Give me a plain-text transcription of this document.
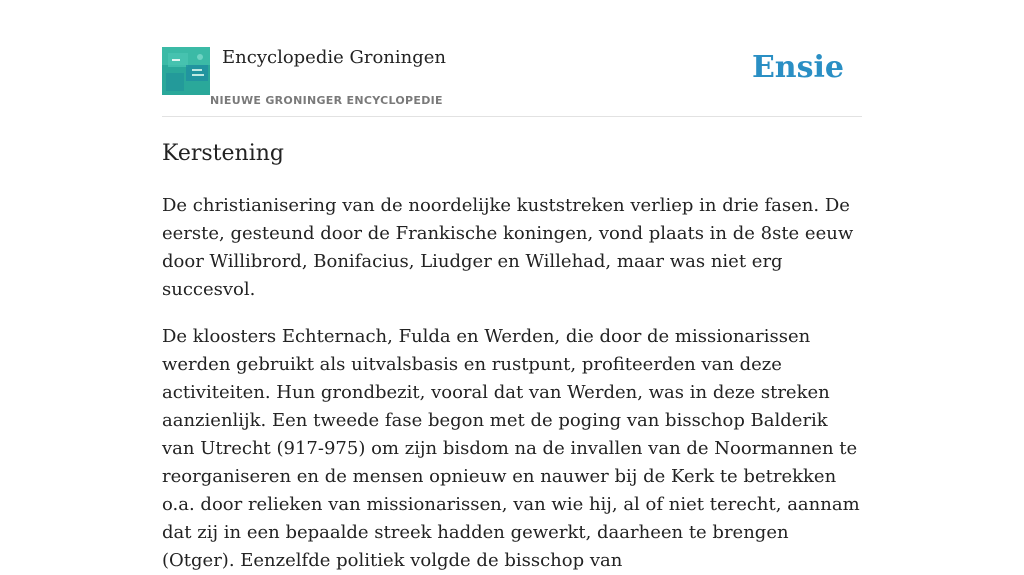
Encyclopedie Groningen
NIEUWE GRONINGER ENCYCLOPEDIE
Ensie
Kerstening

De christianisering van de noordelijke kuststreken verliep in drie fasen. De eerste, gesteund door de Frankische koningen, vond plaats in de 8ste eeuw door Willibrord, Bonifacius, Liudger en Willehad, maar was niet erg succesvol.

De kloosters Echternach, Fulda en Werden, die door de missionarissen werden gebruikt als uitvalsbasis en rustpunt, profiteerden van deze activiteiten. Hun grondbezit, vooral dat van Werden, was in deze streken aanzienlijk. Een tweede fase begon met de poging van bisschop Balderik van Utrecht (917-975) om zijn bisdom na de invallen van de Noormannen te reorganiseren en de mensen opnieuw en nauwer bij de Kerk te betrekken o.a. door relieken van missionarissen, van wie hij, al of niet terecht, aannam dat zij in een bepaalde streek hadden gewerkt, daarheen te brengen (Otger). Eenzelfde politiek volgde de bisschop van
